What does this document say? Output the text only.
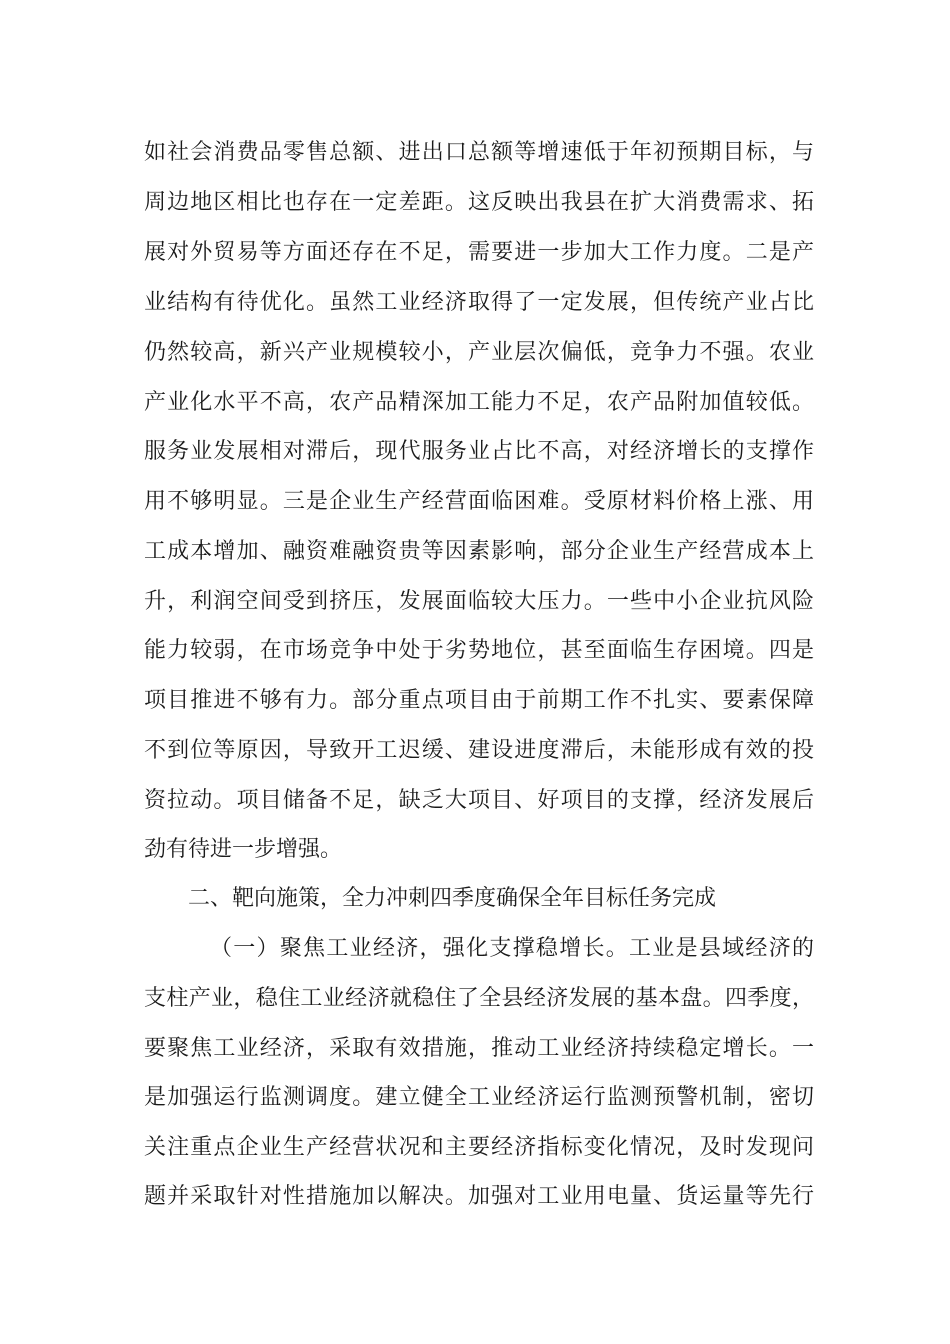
如社会消费品零售总额、进出口总额等增速低于年初预期目标，与
周边地区相比也存在一定差距。这反映出我县在扩大消费需求、拓
展对外贸易等方面还存在不足，需要进一步加大工作力度。二是产
业结构有待优化。虽然工业经济取得了一定发展，但传统产业占比
仍然较高，新兴产业规模较小，产业层次偏低，竞争力不强。农业
产业化水平不高，农产品精深加工能力不足，农产品附加值较低。
服务业发展相对滞后，现代服务业占比不高，对经济增长的支撑作
用不够明显。三是企业生产经营面临困难。受原材料价格上涨、用
工成本增加、融资难融资贵等因素影响，部分企业生产经营成本上
升，利润空间受到挤压，发展面临较大压力。一些中小企业抗风险
能力较弱，在市场竞争中处于劣势地位，甚至面临生存困境。四是
项目推进不够有力。部分重点项目由于前期工作不扎实、要素保障
不到位等原因，导致开工迟缓、建设进度滞后，未能形成有效的投
资拉动。项目储备不足，缺乏大项目、好项目的支撑，经济发展后
劲有待进一步增强。
二、靶向施策，全力冲刺四季度确保全年目标任务完成
（一）聚焦工业经济，强化支撑稳增长。工业是县域经济的
支柱产业，稳住工业经济就稳住了全县经济发展的基本盘。四季度，
要聚焦工业经济，采取有效措施，推动工业经济持续稳定增长。一
是加强运行监测调度。建立健全工业经济运行监测预警机制，密切
关注重点企业生产经营状况和主要经济指标变化情况，及时发现问
题并采取针对性措施加以解决。加强对工业用电量、货运量等先行
